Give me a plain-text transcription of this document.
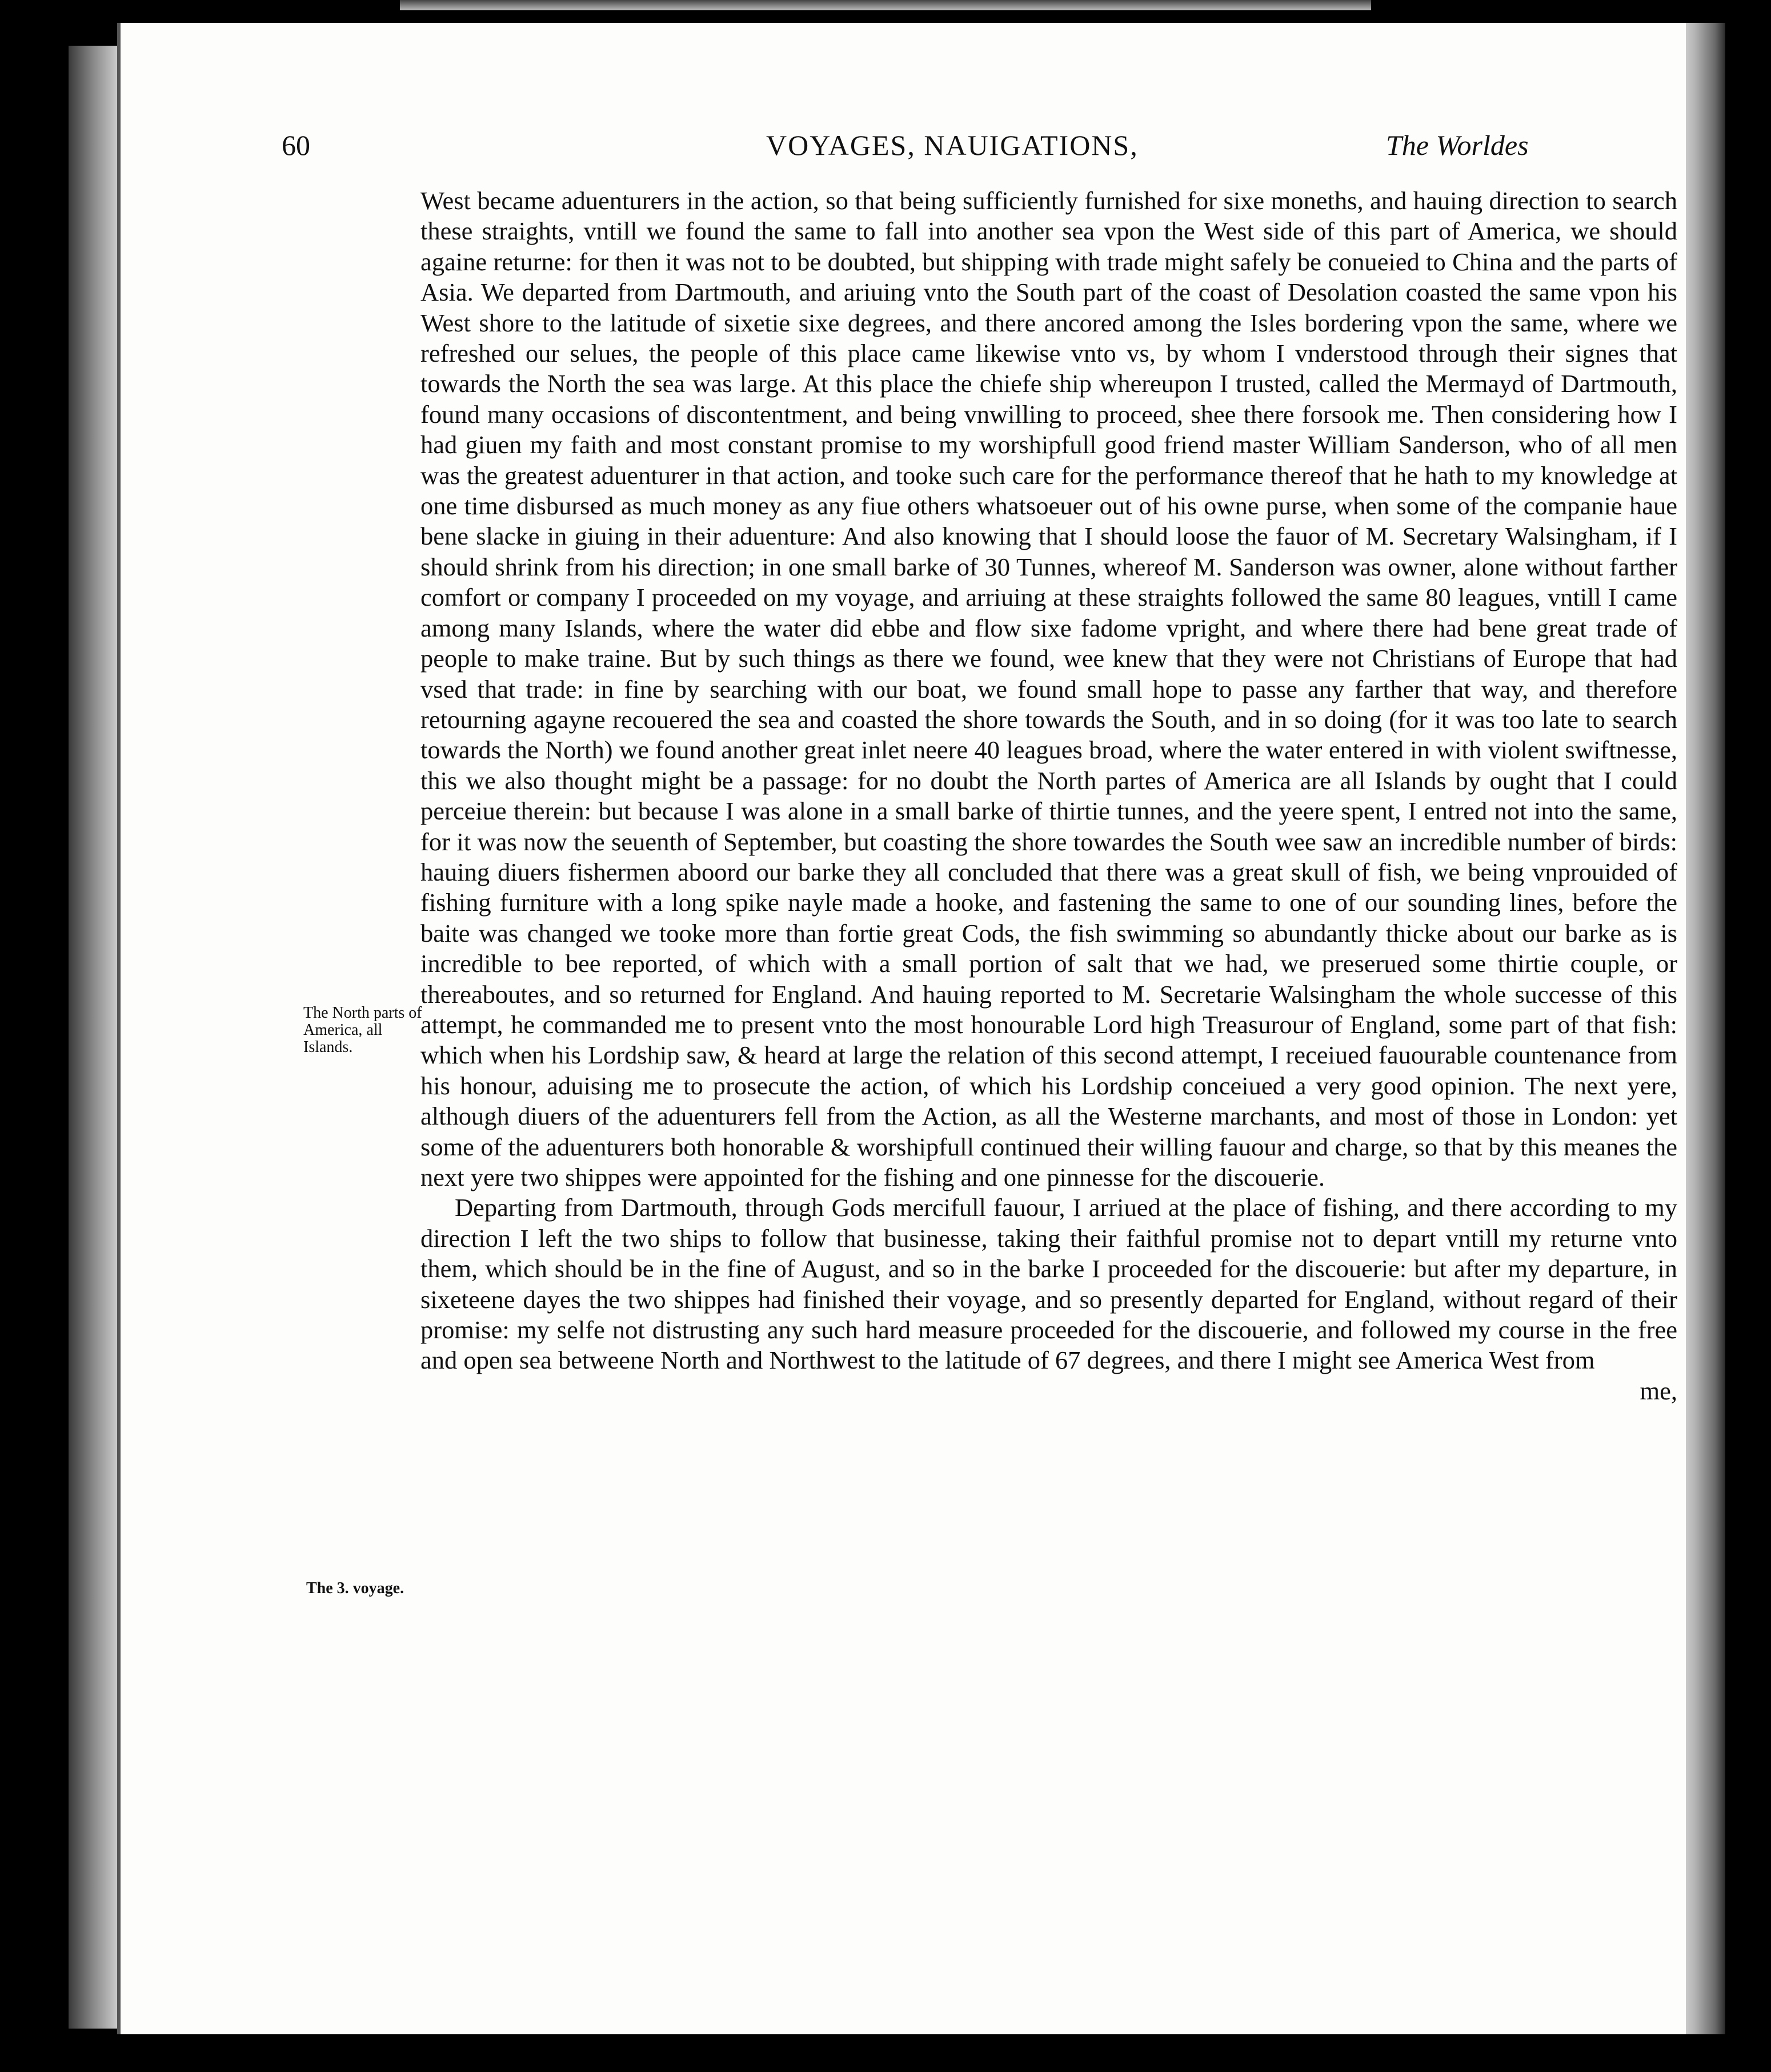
60	VOYAGES, NAUIGATIONS,	The Worldes
The North parts of America, all Islands.
The 3. voyage.

West became aduenturers in the action, so that being sufficiently furnished for sixe moneths, and hauing direction to search these straights, vntill we found the same to fall into another sea vpon the West side of this part of America, we should againe returne: for then it was not to be doubted, but shipping with trade might safely be conueied to China and the parts of Asia. We departed from Dartmouth, and ariuing vnto the South part of the coast of Desolation coasted the same vpon his West shore to the latitude of sixetie sixe degrees, and there ancored among the Isles bordering vpon the same, where we refreshed our selues, the people of this place came likewise vnto vs, by whom I vnderstood through their signes that towards the North the sea was large. At this place the chiefe ship whereupon I trusted, called the Mermayd of Dartmouth, found many occasions of discontentment, and being vnwilling to proceed, shee there forsook me. Then considering how I had giuen my faith and most constant promise to my worshipfull good friend master William Sanderson, who of all men was the greatest aduenturer in that action, and tooke such care for the performance thereof that he hath to my knowledge at one time disbursed as much money as any fiue others whatsoeuer out of his owne purse, when some of the companie haue bene slacke in giuing in their aduenture: And also knowing that I should loose the fauor of M. Secretary Walsingham, if I should shrink from his direction; in one small barke of 30 Tunnes, whereof M. Sanderson was owner, alone without farther comfort or company I proceeded on my voyage, and arriuing at these straights followed the same 80 leagues, vntill I came among many Islands, where the water did ebbe and flow sixe fadome vpright, and where there had bene great trade of people to make traine. But by such things as there we found, wee knew that they were not Christians of Europe that had vsed that trade: in fine by searching with our boat, we found small hope to passe any farther that way, and therefore retourning agayne recouered the sea and coasted the shore towards the South, and in so doing (for it was too late to search towards the North) we found another great inlet neere 40 leagues broad, where the water entered in with violent swiftnesse, this we also thought might be a passage: for no doubt the North partes of America are all Islands by ought that I could perceiue therein: but because I was alone in a small barke of thirtie tunnes, and the yeere spent, I entred not into the same, for it was now the seuenth of September, but coasting the shore towardes the South wee saw an incredible number of birds: hauing diuers fishermen aboord our barke they all concluded that there was a great skull of fish, we being vnprouided of fishing furniture with a long spike nayle made a hooke, and fastening the same to one of our sounding lines, before the baite was changed we tooke more than fortie great Cods, the fish swimming so abundantly thicke about our barke as is incredible to bee reported, of which with a small portion of salt that we had, we preserued some thirtie couple, or thereaboutes, and so returned for England. And hauing reported to M. Secretarie Walsingham the whole successe of this attempt, he commanded me to present vnto the most honourable Lord high Treasurour of England, some part of that fish: which when his Lordship saw, & heard at large the relation of this second attempt, I receiued fauourable countenance from his honour, aduising me to prosecute the action, of which his Lordship conceiued a very good opinion. The next yere, although diuers of the aduenturers fell from the Action, as all the Westerne marchants, and most of those in London: yet some of the aduenturers both honorable & worshipfull continued their willing fauour and charge, so that by this meanes the next yere two shippes were appointed for the fishing and one pinnesse for the discouerie.

Departing from Dartmouth, through Gods mercifull fauour, I arriued at the place of fishing, and there according to my direction I left the two ships to follow that businesse, taking their faithful promise not to depart vntill my returne vnto them, which should be in the fine of August, and so in the barke I proceeded for the discouerie: but after my departure, in sixeteene dayes the two shippes had finished their voyage, and so presently departed for England, without regard of their promise: my selfe not distrusting any such hard measure proceeded for the discouerie, and followed my course in the free and open sea betweene North and Northwest to the latitude of 67 degrees, and there I might see America West from

me,
